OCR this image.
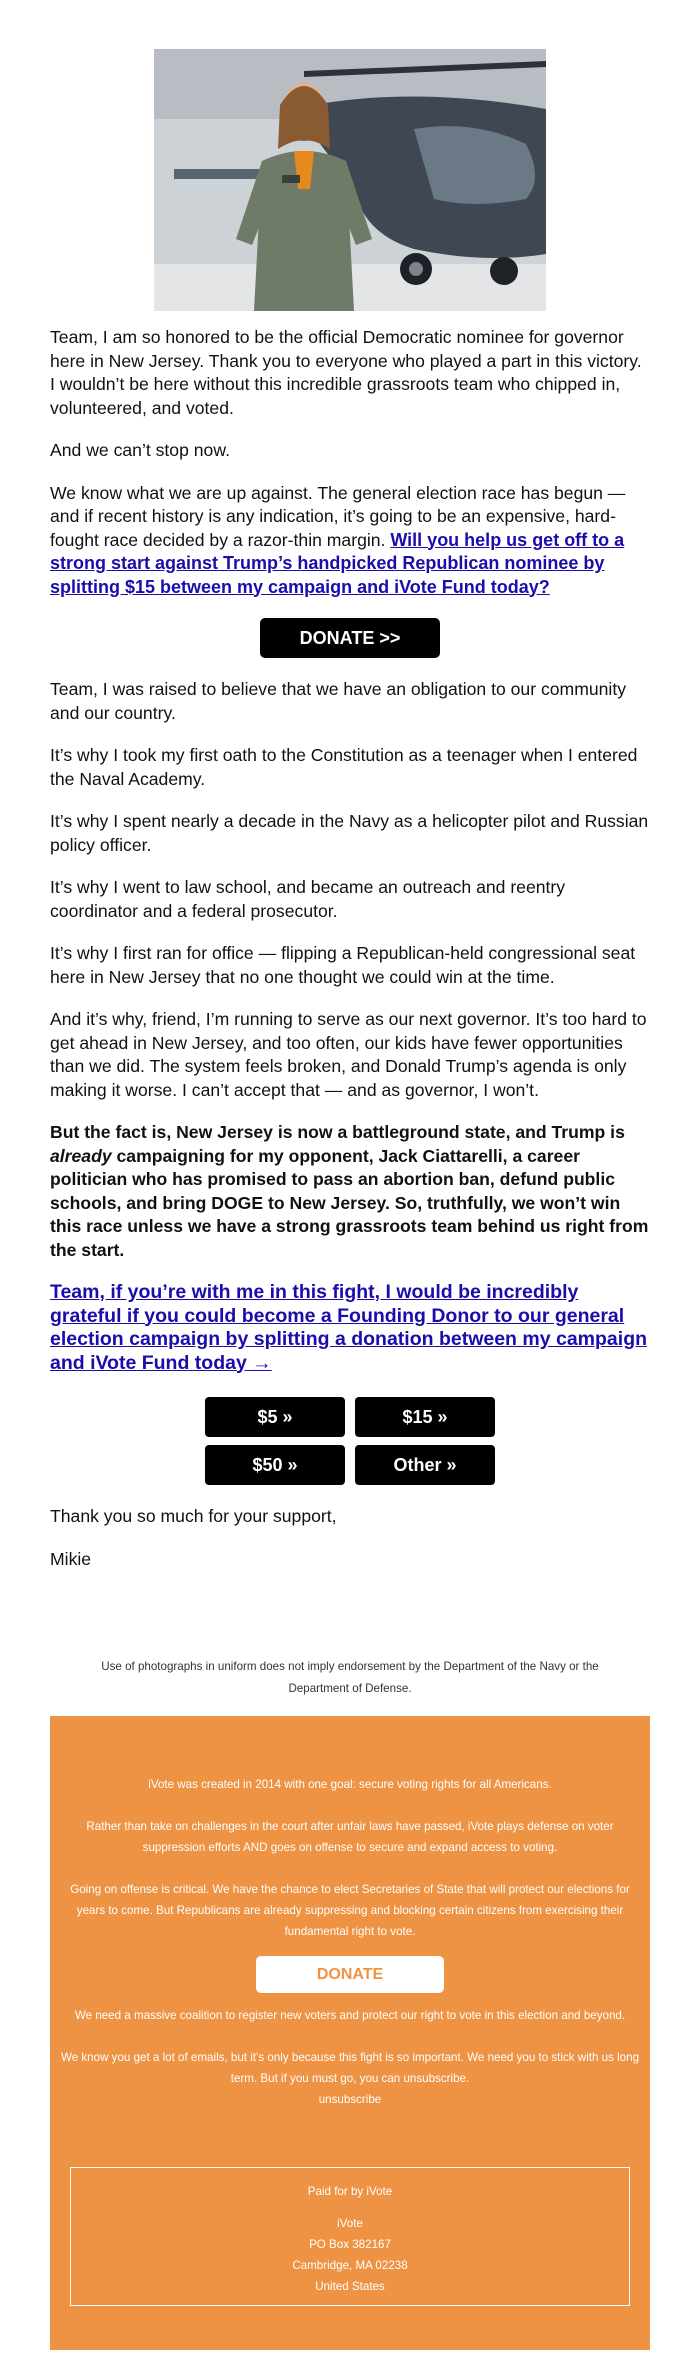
Team, I am so honored to be the official Democratic nominee for governor here in New Jersey. Thank you to everyone who played a part in this victory. I wouldn’t be here without this incredible grassroots team who chipped in, volunteered, and voted.

And we can’t stop now.

We know what we are up against. The general election race has begun — and if recent history is any indication, it’s going to be an expensive, hard-fought race decided by a razor-thin margin. Will you help us get off to a strong start against Trump’s handpicked Republican nominee by splitting $15 between my campaign and iVote Fund today?

DONATE >>

Team, I was raised to believe that we have an obligation to our community and our country.

It’s why I took my first oath to the Constitution as a teenager when I entered the Naval Academy.

It’s why I spent nearly a decade in the Navy as a helicopter pilot and Russian policy officer.

It’s why I went to law school, and became an outreach and reentry coordinator and a federal prosecutor.

It’s why I first ran for office — flipping a Republican-held congressional seat here in New Jersey that no one thought we could win at the time.

And it’s why, friend, I’m running to serve as our next governor. It’s too hard to get ahead in New Jersey, and too often, our kids have fewer opportunities than we did. The system feels broken, and Donald Trump’s agenda is only making it worse. I can’t accept that — and as governor, I won’t.

But the fact is, New Jersey is now a battleground state, and Trump is already campaigning for my opponent, Jack Ciattarelli, a career politician who has promised to pass an abortion ban, defund public schools, and bring DOGE to New Jersey. So, truthfully, we won’t win this race unless we have a strong grassroots team behind us right from the start.

Team, if you’re with me in this fight, I would be incredibly grateful if you could become a Founding Donor to our general election campaign by splitting a donation between my campaign and iVote Fund today →
$5 »	$15 »
$50 »	Other »

Thank you so much for your support,

Mikie

Use of photographs in uniform does not imply endorsement by the Department of the Navy or the Department of Defense.
iVote was created in 2014 with one goal: secure voting rights for all Americans.
Rather than take on challenges in the court after unfair laws have passed, iVote plays defense on voter suppression efforts AND goes on offense to secure and expand access to voting.
Going on offense is critical. We have the chance to elect Secretaries of State that will protect our elections for years to come. But Republicans are already suppressing and blocking certain citizens from exercising their fundamental right to vote.
DONATE
We need a massive coalition to register new voters and protect our right to vote in this election and beyond.
We know you get a lot of emails, but it’s only because this fight is so important. We need you to stick with us long term. But if you must go, you can unsubscribe.
unsubscribe
Paid for by iVote
iVote
PO Box 382167
Cambridge, MA 02238
United States
